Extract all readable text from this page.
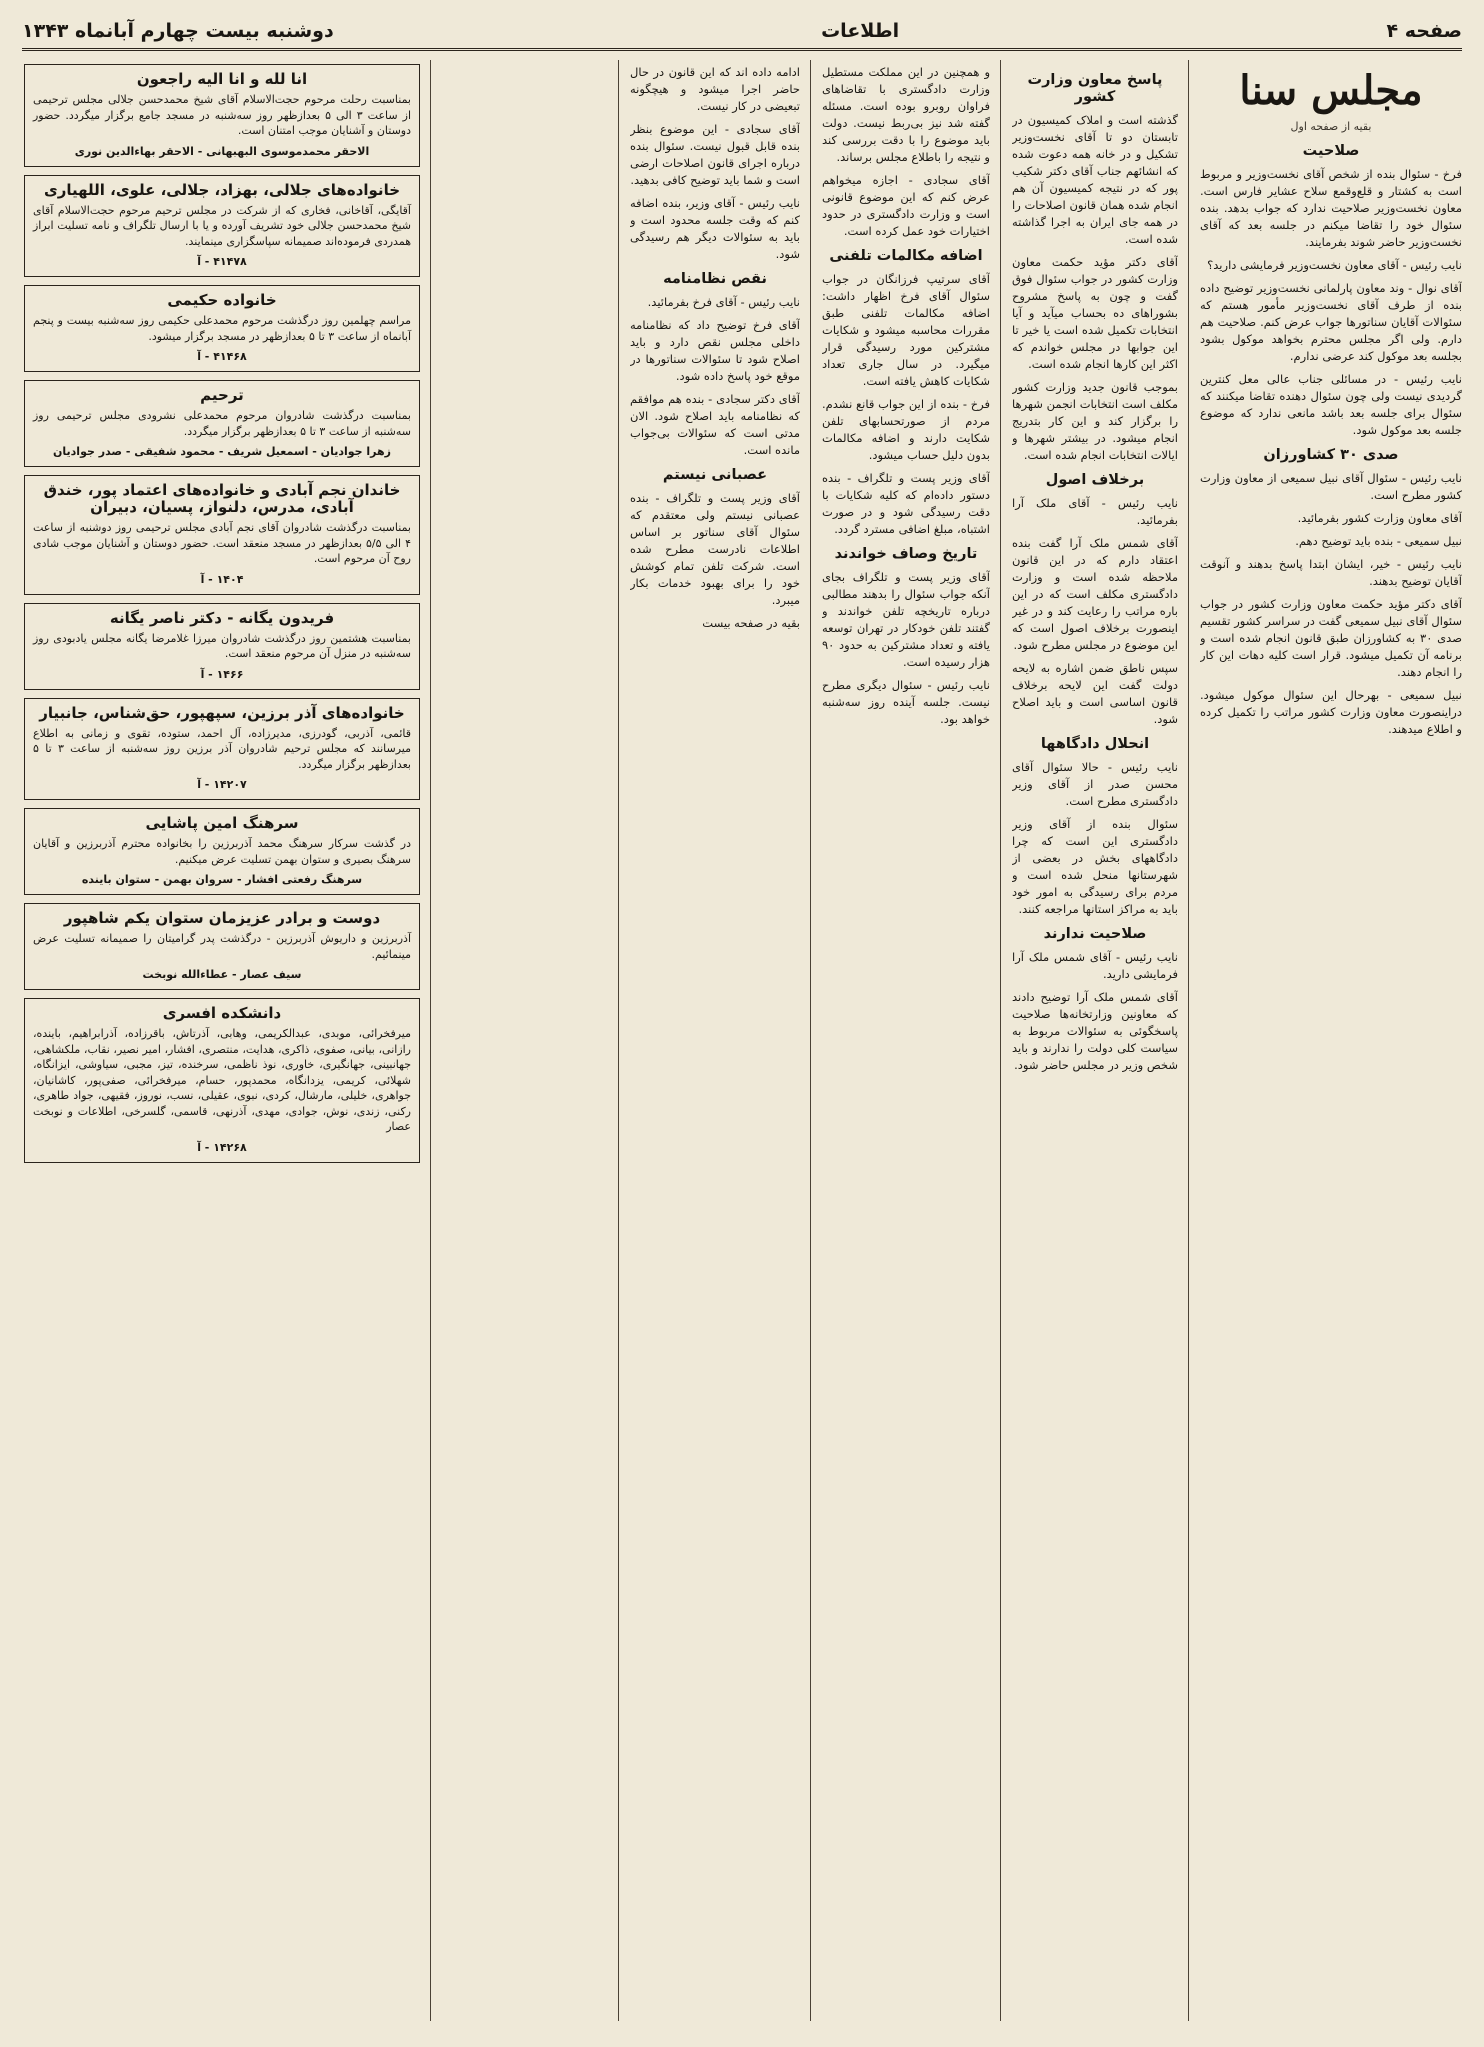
صفحه ۴
اطلاعات
دوشنبه بیست چهارم آبانماه ۱۳۴۳
مجلس سنا
بقیه از صفحه اول
صلاحیت

فرخ - سئوال بنده از شخص آقای نخست‌وزیر و مربوط است به کشتار و قلع‌وقمع سلاح عشایر فارس است. معاون نخست‌وزیر صلاحیت ندارد که جواب بدهد. بنده سئوال خود را تقاضا میکنم در جلسه بعد که آقای نخست‌وزیر حاضر شوند بفرمایند.

نایب رئیس - آقای معاون نخست‌وزیر فرمایشی دارید؟

آقای نوال - وند معاون پارلمانی نخست‌وزیر توضیح داده بنده از طرف آقای نخست‌وزیر مأمور هستم که سئوالات آقایان سناتورها جواب عرض کنم. صلاحیت هم دارم. ولی اگر مجلس محترم بخواهد موکول بشود بجلسه بعد موکول کند عرضی ندارم.

نایب رئیس - در مسائلی جناب عالی معل کنترین گردیدی نیست ولی چون سئوال دهنده تقاضا میکنند که سئوال برای جلسه بعد باشد مانعی ندارد که موضوع جلسه بعد موکول شود.

صدی ۳۰ کشاورزان

نایب رئیس - سئوال آقای نبیل سمیعی از معاون وزارت کشور مطرح است.

آقای معاون وزارت کشور بفرمائید.

نبیل سمیعی - بنده باید توضیح دهم.

نایب رئیس - خیر، ایشان ابتدا پاسخ بدهند و آنوقت آقایان توضیح بدهند.

آقای دکتر مؤید حکمت معاون وزارت کشور در جواب سئوال آقای نبیل سمیعی گفت در سراسر کشور تقسیم صدی ۳۰ به کشاورزان طبق قانون انجام شده است و برنامه آن تکمیل میشود. قرار است کلیه دهات این کار را انجام دهند.

نبیل سمیعی - بهرحال این سئوال موکول میشود. دراینصورت معاون وزارت کشور مراتب را تکمیل کرده و اطلاع میدهند.

پاسخ معاون وزارت کشور

گذشته است و املاک کمیسیون در تابستان دو تا آقای نخست‌وزیر تشکیل و در خانه همه دعوت شده که انشائهم جناب آقای دکتر شکیب پور که در نتیجه کمیسیون آن هم انجام شده همان قانون اصلاحات را در همه جای ایران به اجرا گذاشته شده است.

آقای دکتر مؤید حکمت معاون وزارت کشور در جواب سئوال فوق گفت و چون به پاسخ مشروح بشوراهای ده بحساب میآید و آیا انتخابات تکمیل شده است یا خیر تا این جوابها در مجلس خواندم که اکثر این کارها انجام شده است.

بموجب قانون جدید وزارت کشور مکلف است انتخابات انجمن شهرها را برگزار کند و این کار بتدریج انجام میشود. در بیشتر شهرها و ایالات انتخابات انجام شده است.

برخلاف اصول

نایب رئیس - آقای ملک آرا بفرمائید.

آقای شمس ملک آرا گفت بنده اعتقاد دارم که در این قانون ملاحظه شده است و وزارت دادگستری مکلف است که در این باره مراتب را رعایت کند و در غیر اینصورت برخلاف اصول است که این موضوع در مجلس مطرح شود.

سپس ناطق ضمن اشاره به لایحه دولت گفت این لایحه برخلاف قانون اساسی است و باید اصلاح شود.

انحلال دادگاهها

نایب رئیس - حالا سئوال آقای محسن صدر از آقای وزیر دادگستری مطرح است.

سئوال بنده از آقای وزیر دادگستری این است که چرا دادگاههای بخش در بعضی از شهرستانها منحل شده است و مردم برای رسیدگی به امور خود باید به مراکز استانها مراجعه کنند.

صلاحیت ندارند

نایب رئیس - آقای شمس ملک آرا فرمایشی دارید.

آقای شمس ملک آرا توضیح دادند که معاونین وزارتخانه‌ها صلاحیت پاسخگوئی به سئوالات مربوط به سیاست کلی دولت را ندارند و باید شخص وزیر در مجلس حاضر شود.

و همچنین در این مملکت مستطیل وزارت دادگستری با تقاضاهای فراوان روبرو بوده است. مسئله گفته شد نیز بی‌ربط نیست. دولت باید موضوع را با دقت بررسی کند و نتیجه را باطلاع مجلس برساند.

آقای سجادی - اجازه میخواهم عرض کنم که این موضوع قانونی است و وزارت دادگستری در حدود اختیارات خود عمل کرده است.

اضافه مکالمات تلفنی

آقای سرتیپ فرزانگان در جواب سئوال آقای فرخ اظهار داشت: اضافه مکالمات تلفنی طبق مقررات محاسبه میشود و شکایات مشترکین مورد رسیدگی قرار میگیرد. در سال جاری تعداد شکایات کاهش یافته است.

فرخ - بنده از این جواب قانع نشدم. مردم از صورتحسابهای تلفن شکایت دارند و اضافه مکالمات بدون دلیل حساب میشود.

آقای وزیر پست و تلگراف - بنده دستور داده‌ام که کلیه شکایات با دقت رسیدگی شود و در صورت اشتباه، مبلغ اضافی مسترد گردد.

تاریخ وصاف خواندند

آقای وزیر پست و تلگراف بجای آنکه جواب سئوال را بدهند مطالبی درباره تاریخچه تلفن خواندند و گفتند تلفن خودکار در تهران توسعه یافته و تعداد مشترکین به حدود ۹۰ هزار رسیده است.

نایب رئیس - سئوال دیگری مطرح نیست. جلسه آینده روز سه‌شنبه خواهد بود.

ادامه داده اند که این قانون در حال حاضر اجرا میشود و هیچگونه تبعیضی در کار نیست.

آقای سجادی - این موضوع بنظر بنده قابل قبول نیست. سئوال بنده درباره اجرای قانون اصلاحات ارضی است و شما باید توضیح کافی بدهید.

نایب رئیس - آقای وزیر، بنده اضافه کنم که وقت جلسه محدود است و باید به سئوالات دیگر هم رسیدگی شود.

نقص نظامنامه

نایب رئیس - آقای فرخ بفرمائید.

آقای فرخ توضیح داد که نظامنامه داخلی مجلس نقص دارد و باید اصلاح شود تا سئوالات سناتورها در موقع خود پاسخ داده شود.

آقای دکتر سجادی - بنده هم موافقم که نظامنامه باید اصلاح شود. الان مدتی است که سئوالات بی‌جواب مانده است.

عصبانی نیستم

آقای وزیر پست و تلگراف - بنده عصبانی نیستم ولی معتقدم که سئوال آقای سناتور بر اساس اطلاعات نادرست مطرح شده است. شرکت تلفن تمام کوشش خود را برای بهبود خدمات بکار میبرد.

بقیه در صفحه بیست

انا لله و انا الیه راجعون
بمناسبت رحلت مرحوم حجت‌الاسلام آقای شیخ محمدحسن جلالی مجلس ترحیمی از ساعت ۳ الی ۵ بعدازظهر روز سه‌شنبه در مسجد جامع برگزار میگردد. حضور دوستان و آشنایان موجب امتنان است.
الاحقر محمدموسوی البهبهانی - الاحقر بهاءالدین نوری
خانواده‌های جلالی، بهزاد، جلالی، علوی، اللهیاری
آقایگی، آقاخانی، فخاری که از شرکت در مجلس ترحیم مرحوم حجت‌الاسلام آقای شیخ محمدحسن جلالی خود تشریف آورده و یا با ارسال تلگراف و نامه تسلیت ابراز همدردی فرموده‌اند صمیمانه سپاسگزاری مینمایند.
۴۱۴۷۸ - آ
خانواده حکیمی
مراسم چهلمین روز درگذشت مرحوم محمدعلی حکیمی روز سه‌شنبه بیست و پنجم آبانماه از ساعت ۳ تا ۵ بعدازظهر در مسجد برگزار میشود.
۴۱۴۶۸ - آ
ترحیم
بمناسبت درگذشت شادروان مرحوم محمدعلی نشرودی مجلس ترحیمی روز سه‌شنبه از ساعت ۳ تا ۵ بعدازظهر برگزار میگردد.
زهرا جوادیان - اسمعیل شریف - محمود شفیقی - صدر جوادیان
خاندان نجم آبادی و خانواده‌های اعتماد پور، خندق آبادی، مدرس، دلنواز، پسیان، دبیران
بمناسبت درگذشت شادروان آقای نجم آبادی مجلس ترحیمی روز دوشنبه از ساعت ۴ الی ۵/۵ بعدازظهر در مسجد منعقد است. حضور دوستان و آشنایان موجب شادی روح آن مرحوم است.
۱۴۰۴ - آ
فریدون یگانه - دکتر ناصر یگانه
بمناسبت هشتمین روز درگذشت شادروان میرزا غلامرضا یگانه مجلس یادبودی روز سه‌شنبه در منزل آن مرحوم منعقد است.
۱۴۶۶ - آ
خانواده‌های آذر برزین، سپهپور، حق‌شناس، جانبیار
قائمی، آذربی، گودرزی، مدیرزاده، آل احمد، ستوده، تقوی و زمانی به اطلاع میرسانند که مجلس ترحیم شادروان آذر برزین روز سه‌شنبه از ساعت ۳ تا ۵ بعدازظهر برگزار میگردد.
۱۴۲۰۷ - آ
سرهنگ امین پاشایی
در گذشت سرکار سرهنگ محمد آذربرزین را بخانواده محترم آذربرزین و آقایان سرهنگ بصیری و ستوان بهمن تسلیت عرض میکنیم.
سرهنگ رفعتی افشار - سروان بهمن - ستوان باینده
دوست و برادر عزیزمان ستوان یکم شاهپور
آذربرزین و داریوش آذربرزین - درگذشت پدر گرامیتان را صمیمانه تسلیت عرض مینمائیم.
سیف عصار - عطاءالله نوبخت
دانشکده افسری
میرفخرائی، موبدی، عبدالکریمی، وهابی، آذرتاش، باقرزاده، آذرابراهیم، باینده، رازانی، بیانی، صفوی، ذاکری، هدایت، منتصری، افشار، امیر نصیر، نقاب، ملکشاهی، جهانبینی، جهانگیری، خاوری، نوذ ناظمی، سرخنده، تیز، مجبی، سیاوشی، ایزانگاه، شهلائی، کریمی، یزدانگاه، محمدپور، حسام، میرفخرائی، صفی‌پور، کاشانیان، جواهری، خلیلی، مارشال، کردی، نبوی، عقیلی، نسب، نوروز، فقیهی، جواد طاهری، رکنی، زندی، نوش، جوادی، مهدی، آذرنهی، قاسمی، گلسرخی، اطلاعات و نوبخت عصار
۱۴۲۶۸ - آ
